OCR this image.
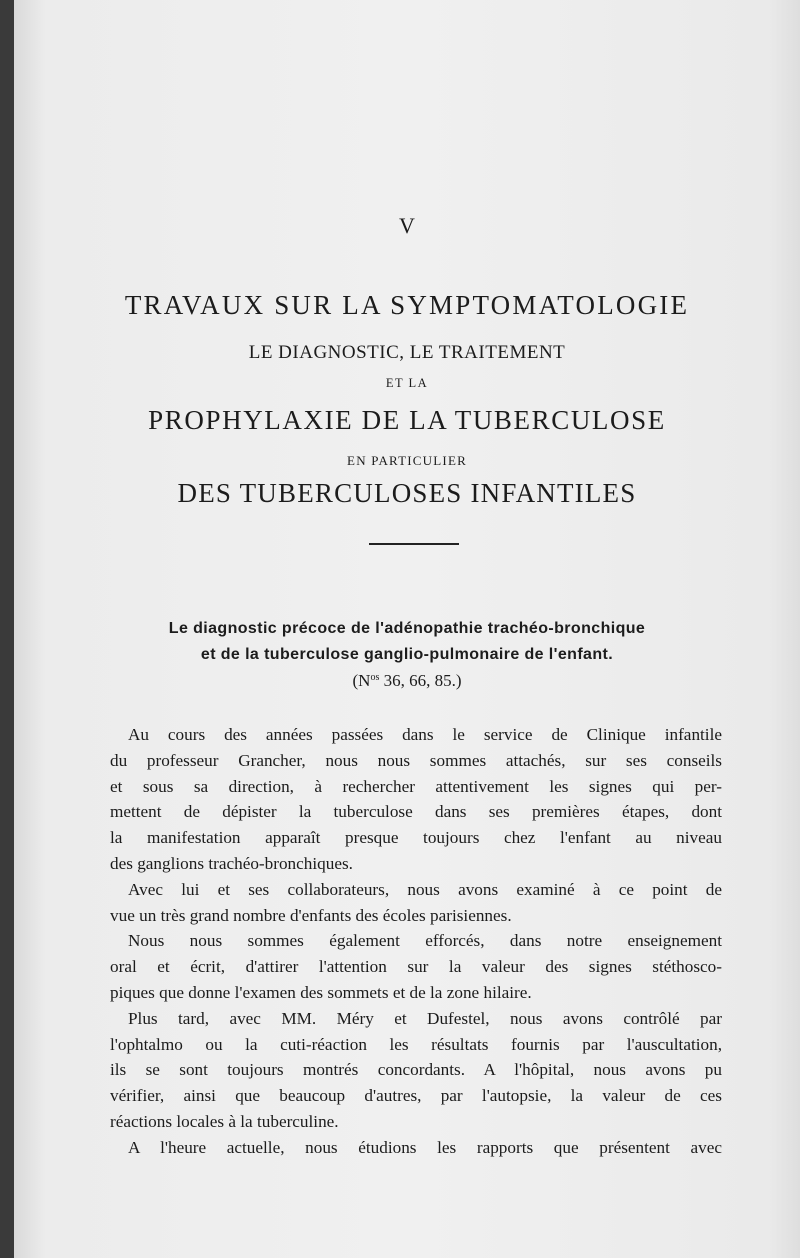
V
TRAVAUX SUR LA SYMPTOMATOLOGIE
LE DIAGNOSTIC, LE TRAITEMENT
ET LA
PROPHYLAXIE DE LA TUBERCULOSE
EN PARTICULIER
DES TUBERCULOSES INFANTILES
Le diagnostic précoce de l'adénopathie trachéo-bronchique
et de la tuberculose ganglio-pulmonaire de l'enfant.
($N^{os}$ 36, 66, 85.)
Au cours des années passées dans le service de Clinique infantile
du professeur Grancher, nous nous sommes attachés, sur ses conseils
et sous sa direction, à rechercher attentivement les signes qui per-
mettent de dépister la tuberculose dans ses premières étapes, dont
la manifestation apparaît presque toujours chez l'enfant au niveau
des ganglions trachéo-bronchiques.
Avec lui et ses collaborateurs, nous avons examiné à ce point de
vue un très grand nombre d'enfants des écoles parisiennes.
Nous nous sommes également efforcés, dans notre enseignement
oral et écrit, d'attirer l'attention sur la valeur des signes stéthosco-
piques que donne l'examen des sommets et de la zone hilaire.
Plus tard, avec MM. Méry et Dufestel, nous avons contrôlé par
l'ophtalmo ou la cuti-réaction les résultats fournis par l'auscultation,
ils se sont toujours montrés concordants. A l'hôpital, nous avons pu
vérifier, ainsi que beaucoup d'autres, par l'autopsie, la valeur de ces
réactions locales à la tuberculine.
A l'heure actuelle, nous étudions les rapports que présentent avec
